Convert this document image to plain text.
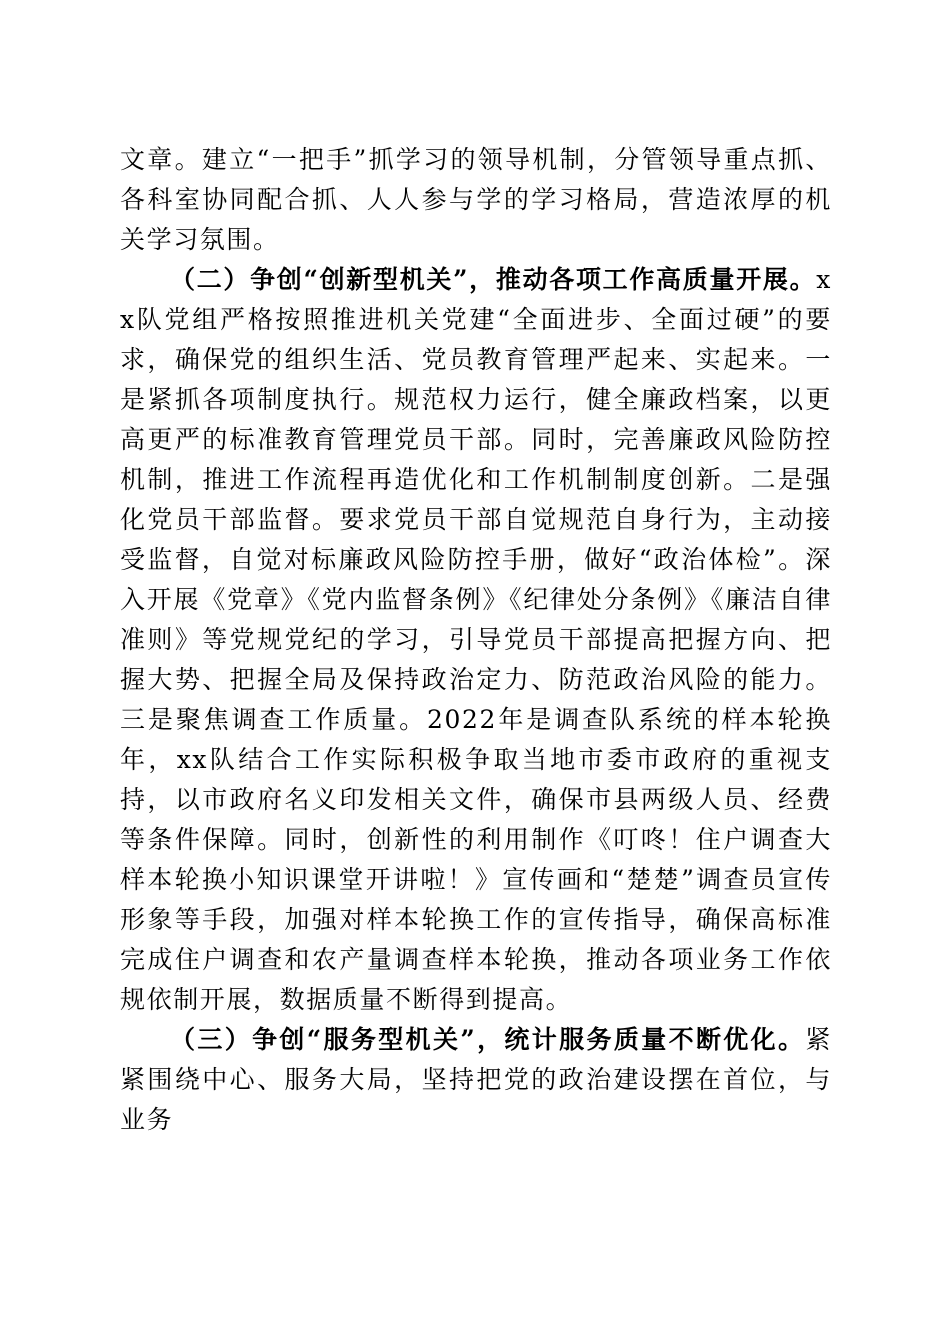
文章。建立“一把手”抓学习的领导机制，分管领导重点抓、各科室协同配合抓、人人参与学的学习格局，营造浓厚的机关学习氛围。

（二）争创“创新型机关”，推动各项工作高质量开展。xx队党组严格按照推进机关党建“全面进步、全面过硬”的要求，确保党的组织生活、党员教育管理严起来、实起来。一是紧抓各项制度执行。规范权力运行，健全廉政档案，以更高更严的标准教育管理党员干部。同时，完善廉政风险防控机制，推进工作流程再造优化和工作机制制度创新。二是强化党员干部监督。要求党员干部自觉规范自身行为，主动接受监督，自觉对标廉政风险防控手册，做好“政治体检”。深入开展《党章》《党内监督条例》《纪律处分条例》《廉洁自律准则》等党规党纪的学习，引导党员干部提高把握方向、把握大势、把握全局及保持政治定力、防范政治风险的能力。三是聚焦调查工作质量。2022年是调查队系统的样本轮换年，xx队结合工作实际积极争取当地市委市政府的重视支持，以市政府名义印发相关文件，确保市县两级人员、经费等条件保障。同时，创新性的利用制作《叮咚！住户调查大样本轮换小知识课堂开讲啦！》宣传画和“楚楚”调查员宣传形象等手段，加强对样本轮换工作的宣传指导，确保高标准完成住户调查和农产量调查样本轮换，推动各项业务工作依规依制开展，数据质量不断得到提高。

（三）争创“服务型机关”，统计服务质量不断优化。紧紧围绕中心、服务大局，坚持把党的政治建设摆在首位，与业务
